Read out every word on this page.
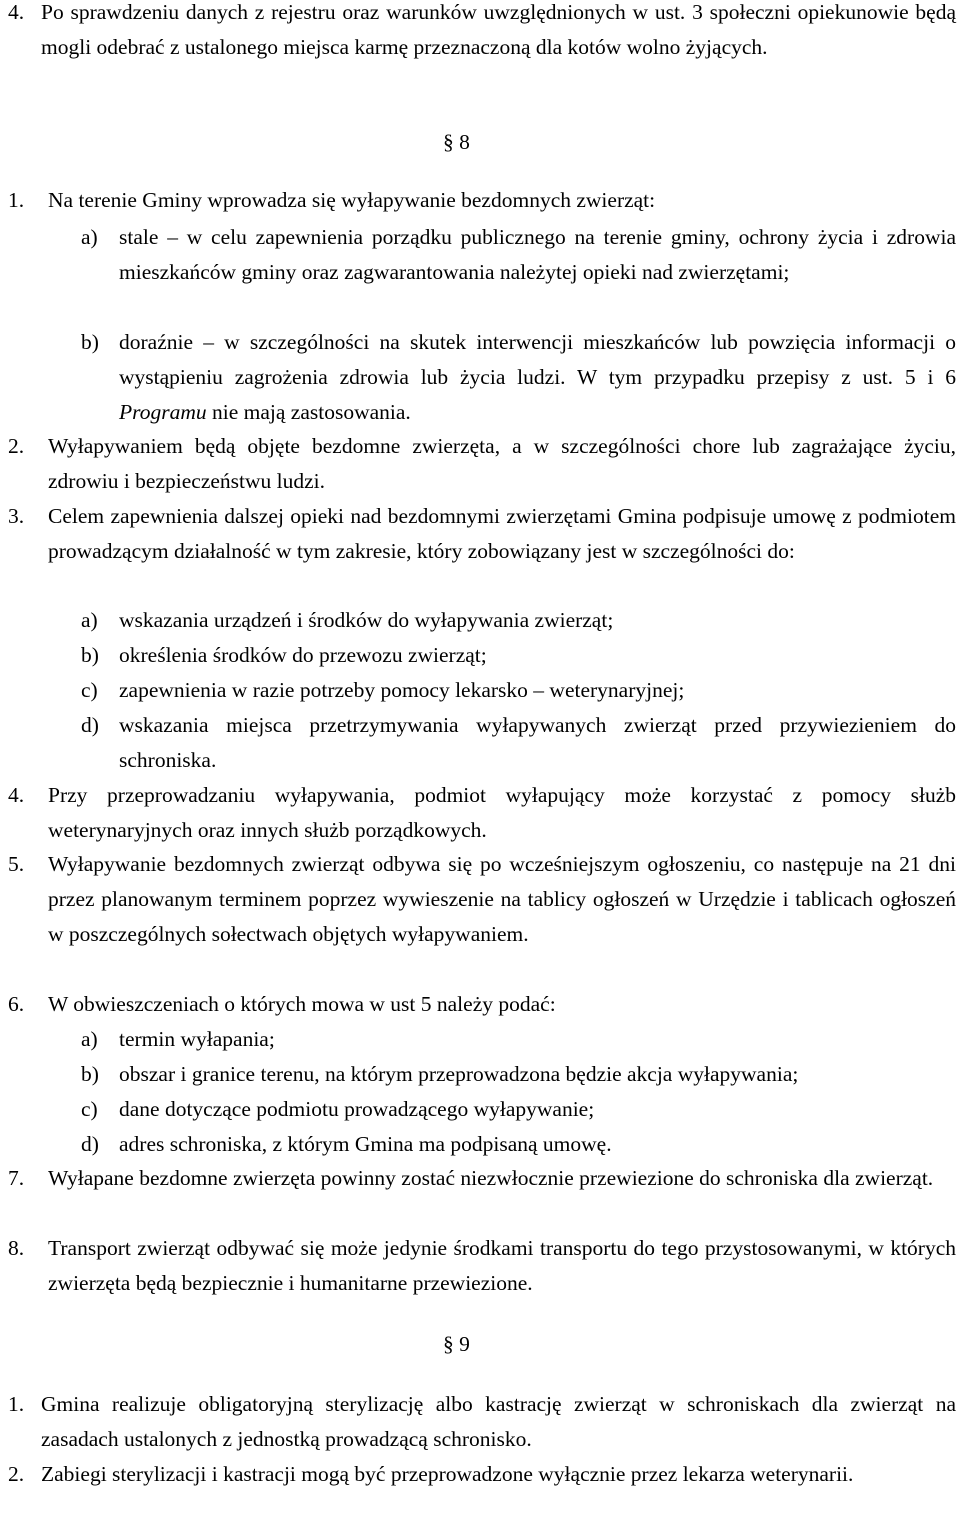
4. Po sprawdzeniu danych z rejestru oraz warunków uwzględnionych w ust. 3 społeczni opiekunowie będą mogli odebrać z ustalonego miejsca karmę przeznaczoną dla kotów wolno żyjących.
§ 8
1. Na terenie Gminy wprowadza się wyłapywanie bezdomnych zwierząt:
a) stale – w celu zapewnienia porządku publicznego na terenie gminy, ochrony życia i zdrowia mieszkańców gminy oraz zagwarantowania należytej opieki nad zwierzętami;
b) doraźnie – w szczególności na skutek interwencji mieszkańców lub powzięcia informacji o wystąpieniu zagrożenia zdrowia lub życia ludzi. W tym przypadku przepisy z ust. 5 i 6 Programu nie mają zastosowania.
2. Wyłapywaniem będą objęte bezdomne zwierzęta, a w szczególności chore lub zagrażające życiu, zdrowiu i bezpieczeństwu ludzi.
3. Celem zapewnienia dalszej opieki nad bezdomnymi zwierzętami Gmina podpisuje umowę z podmiotem prowadzącym działalność w tym zakresie, który zobowiązany jest w szczególności do:
a) wskazania urządzeń i środków do wyłapywania zwierząt;
b) określenia środków do przewozu zwierząt;
c) zapewnienia w razie potrzeby pomocy lekarsko – weterynaryjnej;
d) wskazania miejsca przetrzymywania wyłapywanych zwierząt przed przywiezieniem do schroniska.
4. Przy przeprowadzaniu wyłapywania, podmiot wyłapujący może korzystać z pomocy służb weterynaryjnych oraz innych służb porządkowych.
5. Wyłapywanie bezdomnych zwierząt odbywa się po wcześniejszym ogłoszeniu, co następuje na 21 dni przez planowanym terminem poprzez wywieszenie na tablicy ogłoszeń w Urzędzie i tablicach ogłoszeń w poszczególnych sołectwach objętych wyłapywaniem.
6. W obwieszczeniach o których mowa w ust 5 należy podać:
a) termin wyłapania;
b) obszar i granice terenu, na którym przeprowadzona będzie akcja wyłapywania;
c) dane dotyczące podmiotu prowadzącego wyłapywanie;
d) adres schroniska, z którym Gmina ma podpisaną umowę.
7. Wyłapane bezdomne zwierzęta powinny zostać niezwłocznie przewiezione do schroniska dla zwierząt.
8. Transport zwierząt odbywać się może jedynie środkami transportu do tego przystosowanymi, w których zwierzęta będą bezpiecznie i humanitarne przewiezione.
§ 9
1. Gmina realizuje obligatoryjną sterylizację albo kastrację zwierząt w schroniskach dla zwierząt na zasadach ustalonych z jednostką prowadzącą schronisko.
2. Zabiegi sterylizacji i kastracji mogą być przeprowadzone wyłącznie przez lekarza weterynarii.
